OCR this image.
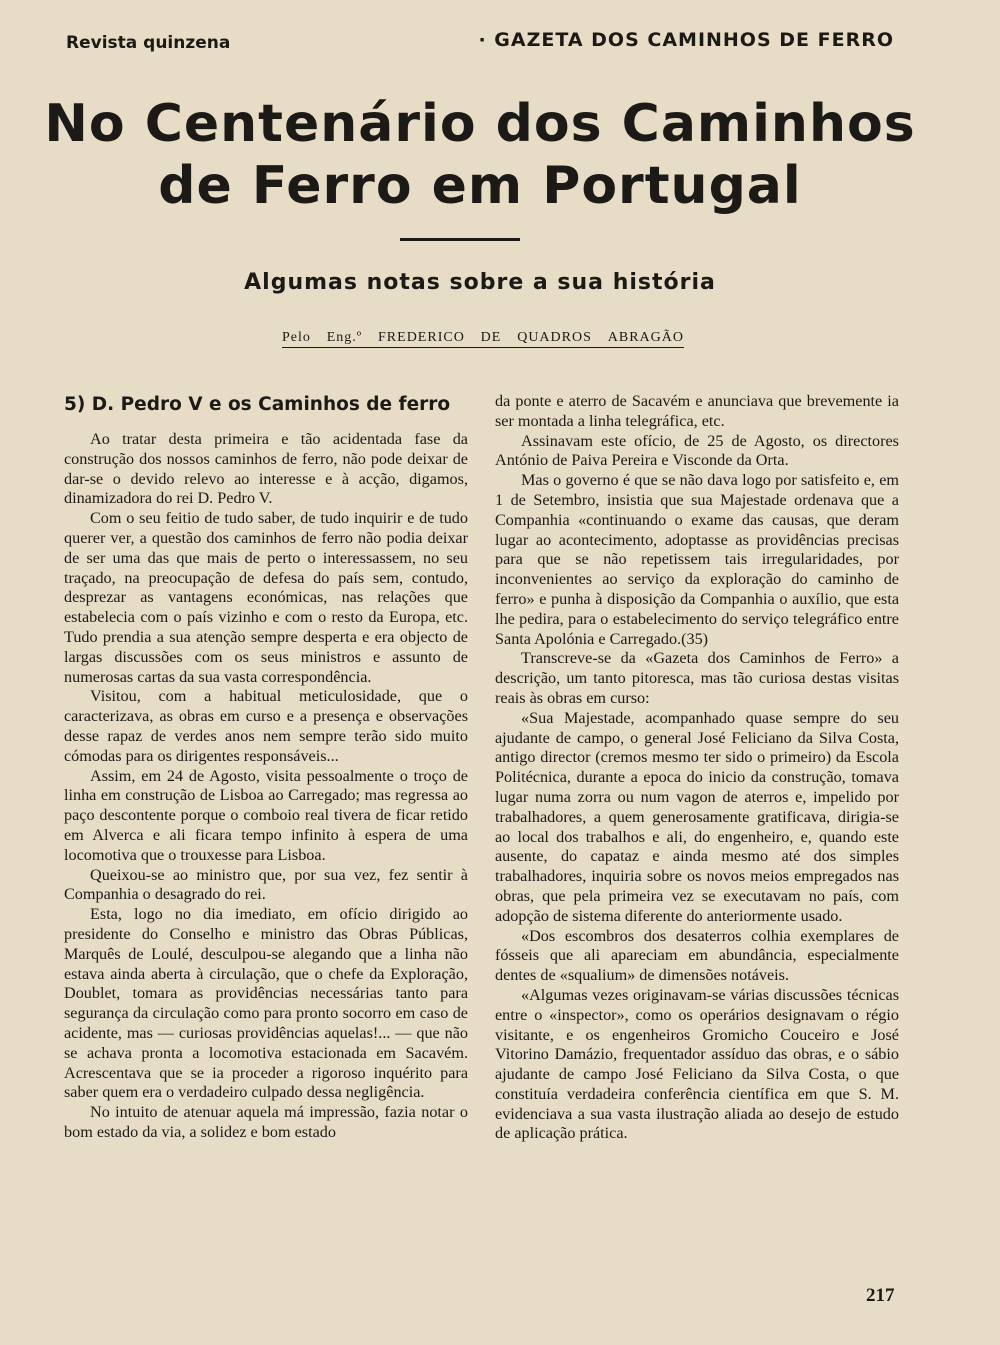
Revista quinzena	· GAZETA DOS CAMINHOS DE FERRO
No Centenário dos Caminhos
de Ferro em Portugal
Algumas notas sobre a sua história
Pelo Eng.º FREDERICO DE QUADROS ABRAGÃO
5) D. Pedro V e os Caminhos de ferro

Ao tratar desta primeira e tão acidentada fase da construção dos nossos caminhos de ferro, não pode deixar de dar-se o devido relevo ao interesse e à acção, digamos, dinamizadora do rei D. Pedro V.

Com o seu feitio de tudo saber, de tudo inquirir e de tudo querer ver, a questão dos caminhos de ferro não podia deixar de ser uma das que mais de perto o interessassem, no seu traçado, na preocupação de defesa do país sem, contudo, desprezar as vantagens económicas, nas relações que estabelecia com o país vizinho e com o resto da Europa, etc. Tudo prendia a sua atenção sempre desperta e era objecto de largas discussões com os seus ministros e assunto de numerosas cartas da sua vasta correspondência.

Visitou, com a habitual meticulosidade, que o caracterizava, as obras em curso e a presença e observações desse rapaz de verdes anos nem sempre terão sido muito cómodas para os dirigentes responsáveis...

Assim, em 24 de Agosto, visita pessoalmente o troço de linha em construção de Lisboa ao Carregado; mas regressa ao paço descontente porque o comboio real tivera de ficar retido em Alverca e ali ficara tempo infinito à espera de uma locomotiva que o trouxesse para Lisboa.

Queixou-se ao ministro que, por sua vez, fez sentir à Companhia o desagrado do rei.

Esta, logo no dia imediato, em ofício dirigido ao presidente do Conselho e ministro das Obras Públicas, Marquês de Loulé, desculpou-se alegando que a linha não estava ainda aberta à circulação, que o chefe da Exploração, Doublet, tomara as providências necessárias tanto para segurança da circulação como para pronto socorro em caso de acidente, mas — curiosas providências aquelas!... — que não se achava pronta a locomotiva estacionada em Sacavém. Acrescentava que se ia proceder a rigoroso inquérito para saber quem era o verdadeiro culpado dessa negligência.

No intuito de atenuar aquela má impressão, fazia notar o bom estado da via, a solidez e bom estado

da ponte e aterro de Sacavém e anunciava que brevemente ia ser montada a linha telegráfica, etc.

Assinavam este ofício, de 25 de Agosto, os directores António de Paiva Pereira e Visconde da Orta.

Mas o governo é que se não dava logo por satisfeito e, em 1 de Setembro, insistia que sua Majestade ordenava que a Companhia «continuando o exame das causas, que deram lugar ao acontecimento, adoptasse as providências precisas para que se não repetissem tais irregularidades, por inconvenientes ao serviço da exploração do caminho de ferro» e punha à disposição da Companhia o auxílio, que esta lhe pedira, para o estabelecimento do serviço telegráfico entre Santa Apolónia e Carregado.(35)

Transcreve-se da «Gazeta dos Caminhos de Ferro» a descrição, um tanto pitoresca, mas tão curiosa destas visitas reais às obras em curso:

«Sua Majestade, acompanhado quase sempre do seu ajudante de campo, o general José Feliciano da Silva Costa, antigo director (cremos mesmo ter sido o primeiro) da Escola Politécnica, durante a epoca do inicio da construção, tomava lugar numa zorra ou num vagon de aterros e, impelido por trabalhadores, a quem generosamente gratificava, dirigia-se ao local dos trabalhos e ali, do engenheiro, e, quando este ausente, do capataz e ainda mesmo até dos simples trabalhadores, inquiria sobre os novos meios empregados nas obras, que pela primeira vez se executavam no país, com adopção de sistema diferente do anteriormente usado.

«Dos escombros dos desaterros colhia exemplares de fósseis que ali apareciam em abundância, especialmente dentes de «squalium» de dimensões notáveis.

«Algumas vezes originavam-se várias discussões técnicas entre o «inspector», como os operários designavam o régio visitante, e os engenheiros Gromicho Couceiro e José Vitorino Damázio, frequentador assíduo das obras, e o sábio ajudante de campo José Feliciano da Silva Costa, o que constituía verdadeira conferência científica em que S. M. evidenciava a sua vasta ilustração aliada ao desejo de estudo de aplicação prática.

217
